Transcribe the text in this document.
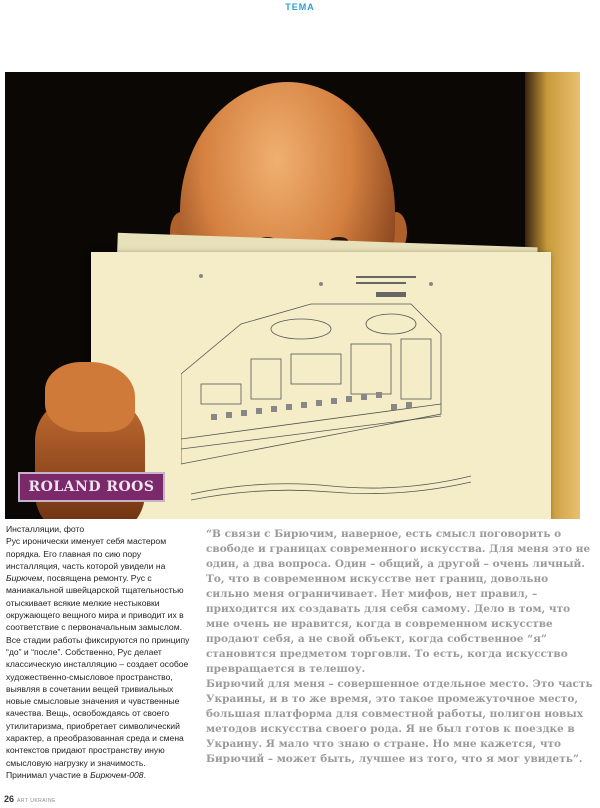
ТЕМА
ROLAND ROOS

Инсталляции, фото

Рус иронически именует себя мастером порядка. Его главная по сию пору инсталляция, часть которой увидели на Бирючем, посвящена ремонту. Рус с маниакальной швейцарской тщательностью отыскивает всякие мелкие нестыковки окружающего вещного мира и приводит их в соответствие с первоначальным замыслом. Все стадии работы фиксируются по принципу “до” и “после”. Собственно, Рус делает классическую инсталляцию – создает особое художественно-смысловое пространство, выявляя в сочетании вещей тривиальных новые смысловые значения и чувственные качества. Вещь, освобождаясь от своего утилитаризма, приобретает символический характер, а преобразованная среда и смена контекстов придают пространству иную смысловую нагрузку и значимость.

Принимал участие в Бирючем-008.

“В связи с Бирючим, наверное, есть смысл поговорить о свободе и границах современного искусства. Для меня это не один, а два вопроса. Один – общий, а другой – очень личный. То, что в современном искусстве нет границ, довольно сильно меня ограничивает. Нет мифов, нет правил, – приходится их создавать для себя самому. Дело в том, что мне очень не нравится, когда в современном искусстве продают себя, а не свой объект, когда собственное “я” становится предметом торговли. То есть, когда искусство превращается в телешоу.

Бирючий для меня – совершенное отдельное место. Это часть Украины, и в то же время, это такое промежуточное место, большая платформа для совместной работы, полигон новых методов искусства своего рода. Я не был готов к поездке в Украину. Я мало что знаю о стране. Но мне кажется, что Бирючий – может быть, лучшее из того, что я мог увидеть”.

26 ART UKRAINE
